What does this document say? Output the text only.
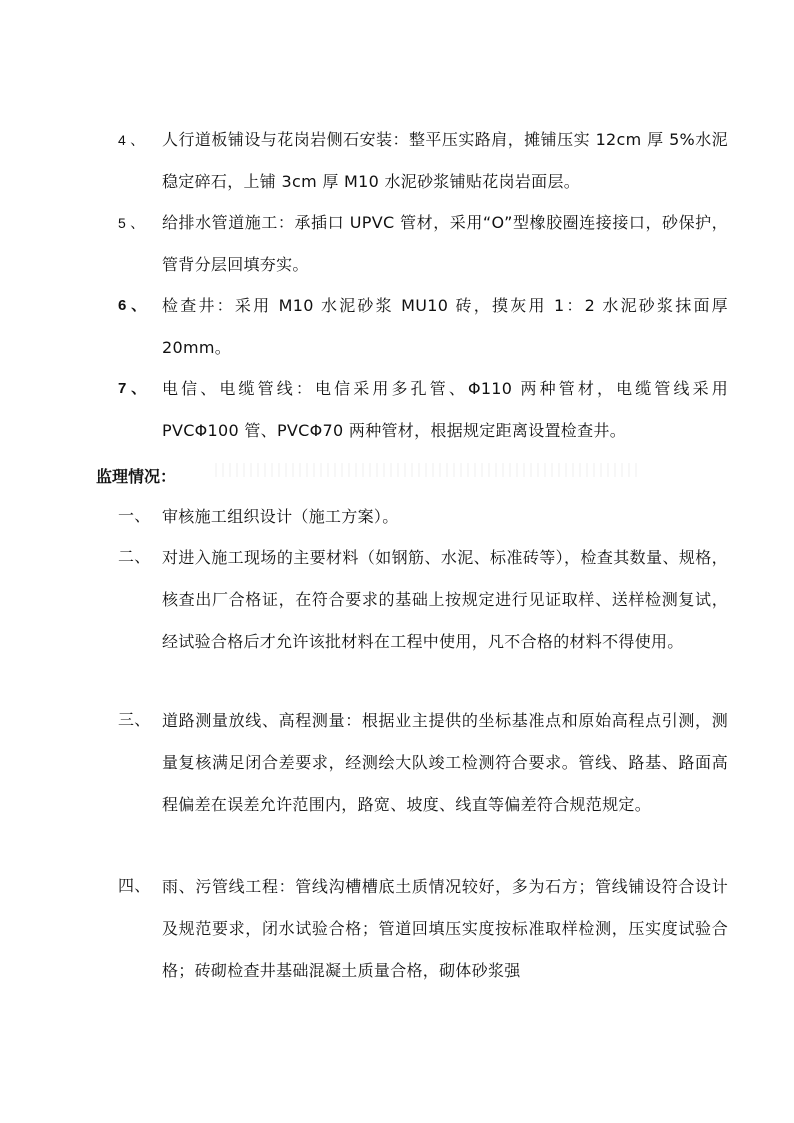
4 、	人行道板铺设与花岗岩侧石安装：整平压实路肩，摊铺压实 12cm 厚 5%水泥稳定碎石，上铺 3cm 厚 M10 水泥砂浆铺贴花岗岩面层。
5 、	给排水管道施工：承插口 UPVC 管材，采用“O”型橡胶圈连接接口，砂保护，管背分层回填夯实。
6 、 检查井：采用 M10 水泥砂浆 MU10 砖，摸灰用 1：2 水泥砂浆抹面厚 20mm。
7 、 电信、电缆管线：电信采用多孔管、Φ110 两种管材，电缆管线采用 PVCΦ100 管、PVCΦ70 两种管材，根据规定距离设置检查井。
监理情况：
一、 审核施工组织设计（施工方案）。
二、 对进入施工现场的主要材料（如钢筋、水泥、标准砖等），检查其数量、规格，核查出厂合格证，在符合要求的基础上按规定进行见证取样、送样检测复试，经试验合格后才允许该批材料在工程中使用，凡不合格的材料不得使用。
三、 道路测量放线、高程测量：根据业主提供的坐标基准点和原始高程点引测，测量复核满足闭合差要求，经测绘大队竣工检测符合要求。管线、路基、路面高程偏差在误差允许范围内，路宽、坡度、线直等偏差符合规范规定。
四、 雨、污管线工程：管线沟槽槽底土质情况较好，多为石方；管线铺设符合设计及规范要求，闭水试验合格；管道回填压实度按标准取样检测，压实度试验合格；砖砌检查井基础混凝土质量合格，砌体砂浆强
